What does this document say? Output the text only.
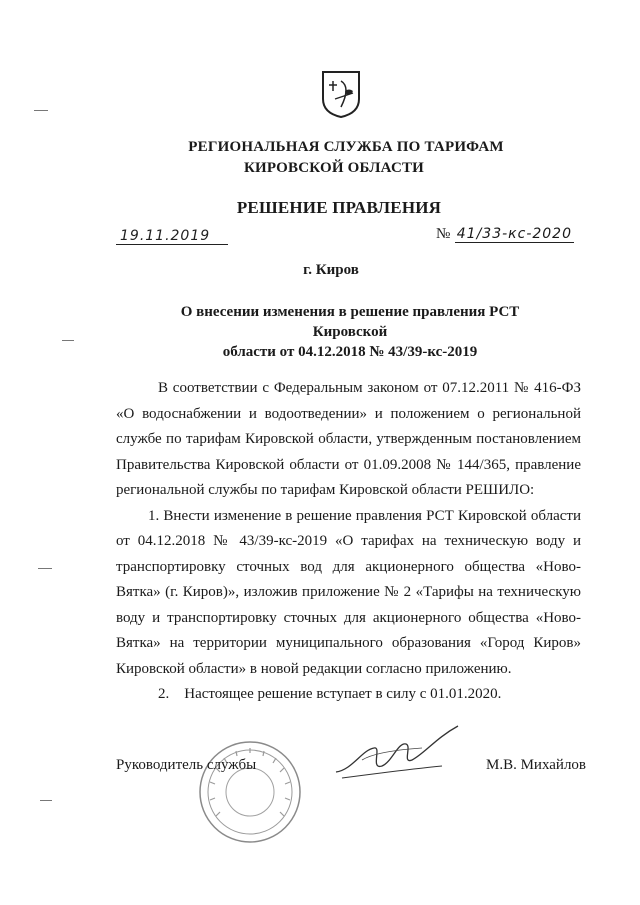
РЕГИОНАЛЬНАЯ СЛУЖБА ПО ТАРИФАМ
КИРОВСКОЙ ОБЛАСТИ
РЕШЕНИЕ ПРАВЛЕНИЯ
19.11.2019	№ 41/33-кс-2020
г. Киров
О внесении изменения в решение правления РСТ Кировской
области от 04.12.2018 № 43/39-кс-2019

В соответствии с Федеральным законом от 07.12.2011 № 416-ФЗ «О водоснабжении и водоотведении» и положением о региональной службе по тарифам Кировской области, утвержденным постановлением Правительства Кировской области от 01.09.2008 № 144/365, правление региональной службы по тарифам Кировской области РЕШИЛО:

1. Внести изменение в решение правления РСТ Кировской области от 04.12.2018 № 43/39-кс-2019 «О тарифах на техническую воду и транспортировку сточных вод для акционерного общества «Ново-Вятка» (г. Киров)», изложив приложение № 2 «Тарифы на техническую воду и транспортировку сточных для акционерного общества «Ново-Вятка» на территории муниципального образования «Город Киров» Кировской области» в новой редакции согласно приложению.

2. Настоящее решение вступает в силу с 01.01.2020.

Руководитель службы	М.В. Михайлов
